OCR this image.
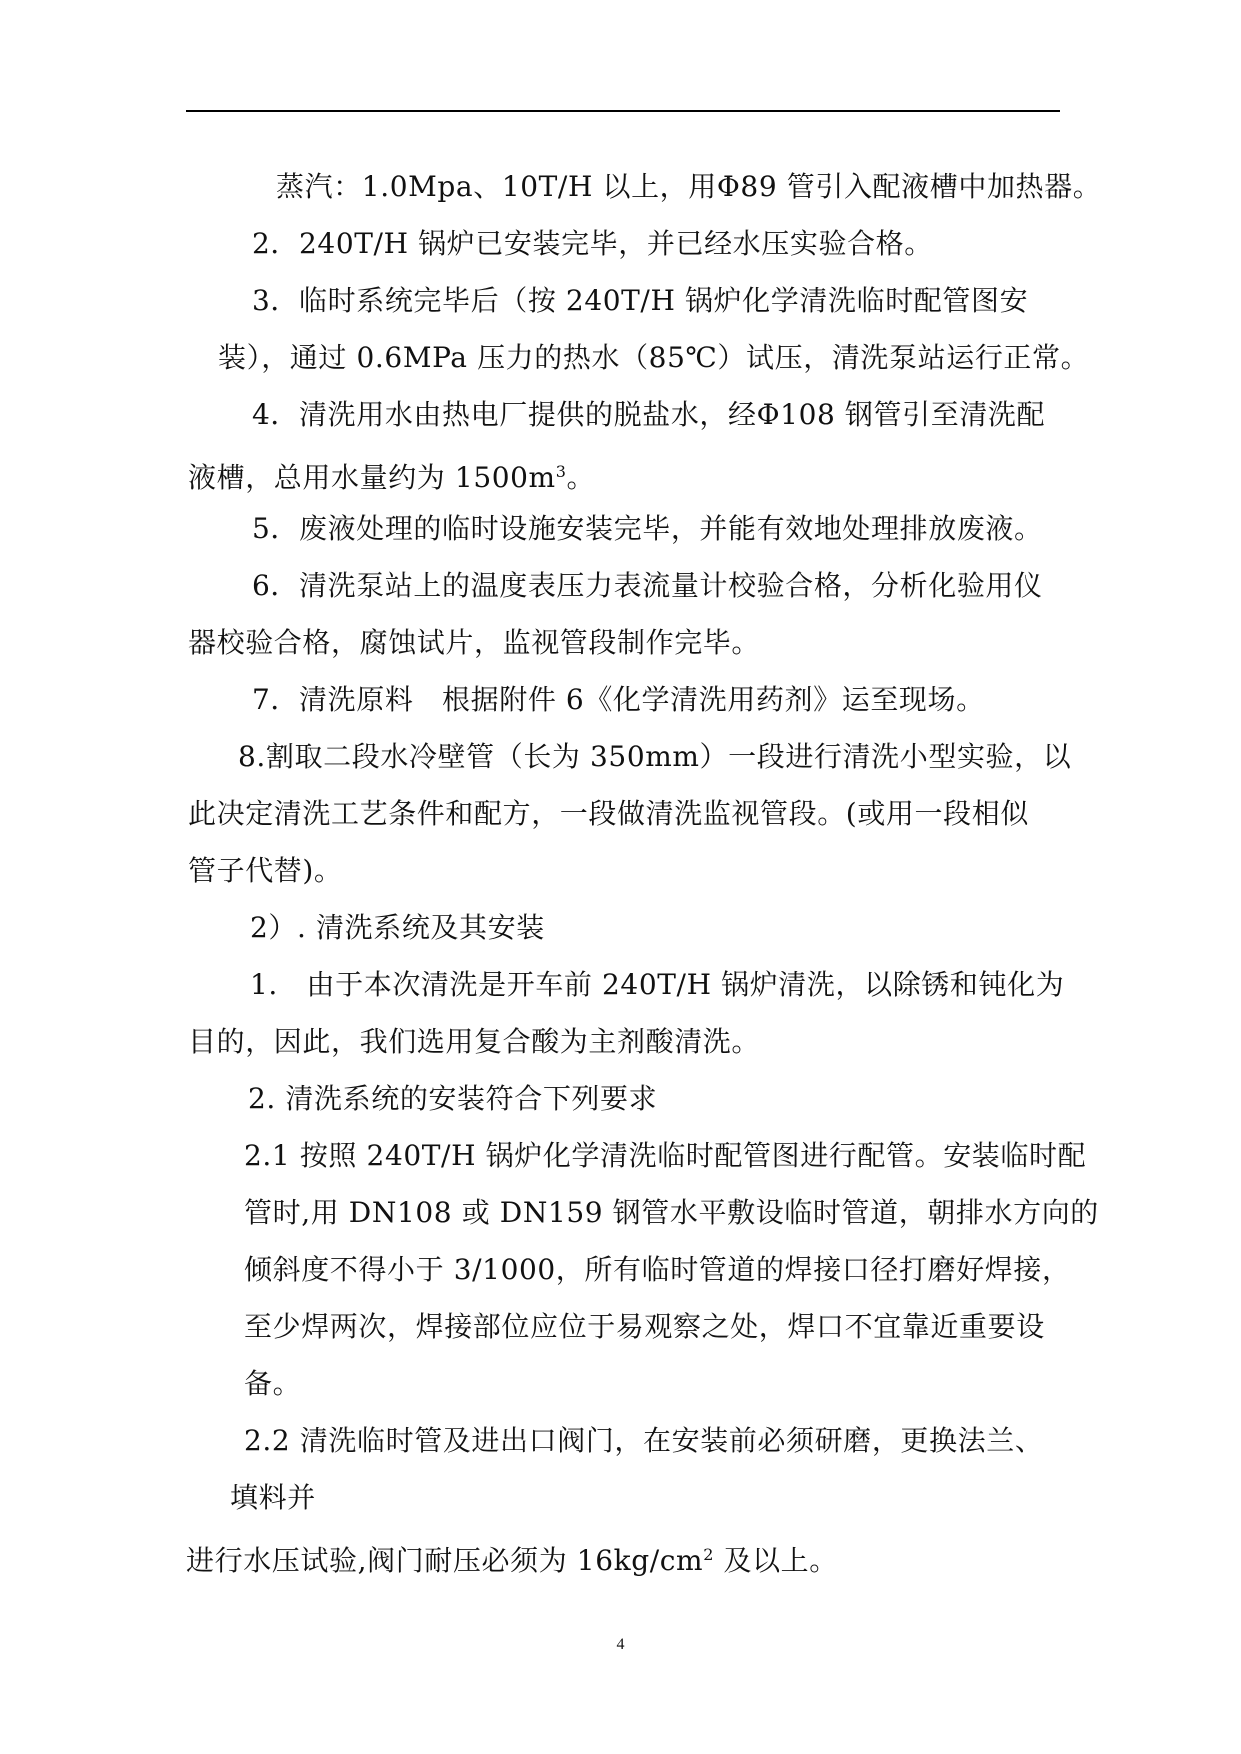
蒸汽：1.0Mpa、10T/H 以上，用Φ89 管引入配液槽中加热器。

2．240T/H 锅炉已安装完毕，并已经水压实验合格。

3．临时系统完毕后（按 240T/H 锅炉化学清洗临时配管图安

装），通过 0.6MPa 压力的热水（85℃）试压，清洗泵站运行正常。

4．清洗用水由热电厂提供的脱盐水，经Φ108 钢管引至清洗配

液槽，总用水量约为 $1500m^3$。

5．废液处理的临时设施安装完毕，并能有效地处理排放废液。

6．清洗泵站上的温度表压力表流量计校验合格，分析化验用仪

器校验合格，腐蚀试片，监视管段制作完毕。

7．清洗原料　根据附件 6《化学清洗用药剂》运至现场。

8.割取二段水冷壁管（长为 350mm）一段进行清洗小型实验，以

此决定清洗工艺条件和配方，一段做清洗监视管段。(或用一段相似

管子代替)。

2）. 清洗系统及其安装

1.　由于本次清洗是开车前 240T/H 锅炉清洗，以除锈和钝化为

目的，因此，我们选用复合酸为主剂酸清洗。

2. 清洗系统的安装符合下列要求

2.1 按照 240T/H 锅炉化学清洗临时配管图进行配管。安装临时配

管时,用 DN108 或 DN159 钢管水平敷设临时管道，朝排水方向的

倾斜度不得小于 3/1000，所有临时管道的焊接口径打磨好焊接，

至少焊两次，焊接部位应位于易观察之处，焊口不宜靠近重要设

备。

2.2 清洗临时管及进出口阀门，在安装前必须研磨，更换法兰、

填料并

进行水压试验,阀门耐压必须为 $16kg/cm^2$ 及以上。

4
